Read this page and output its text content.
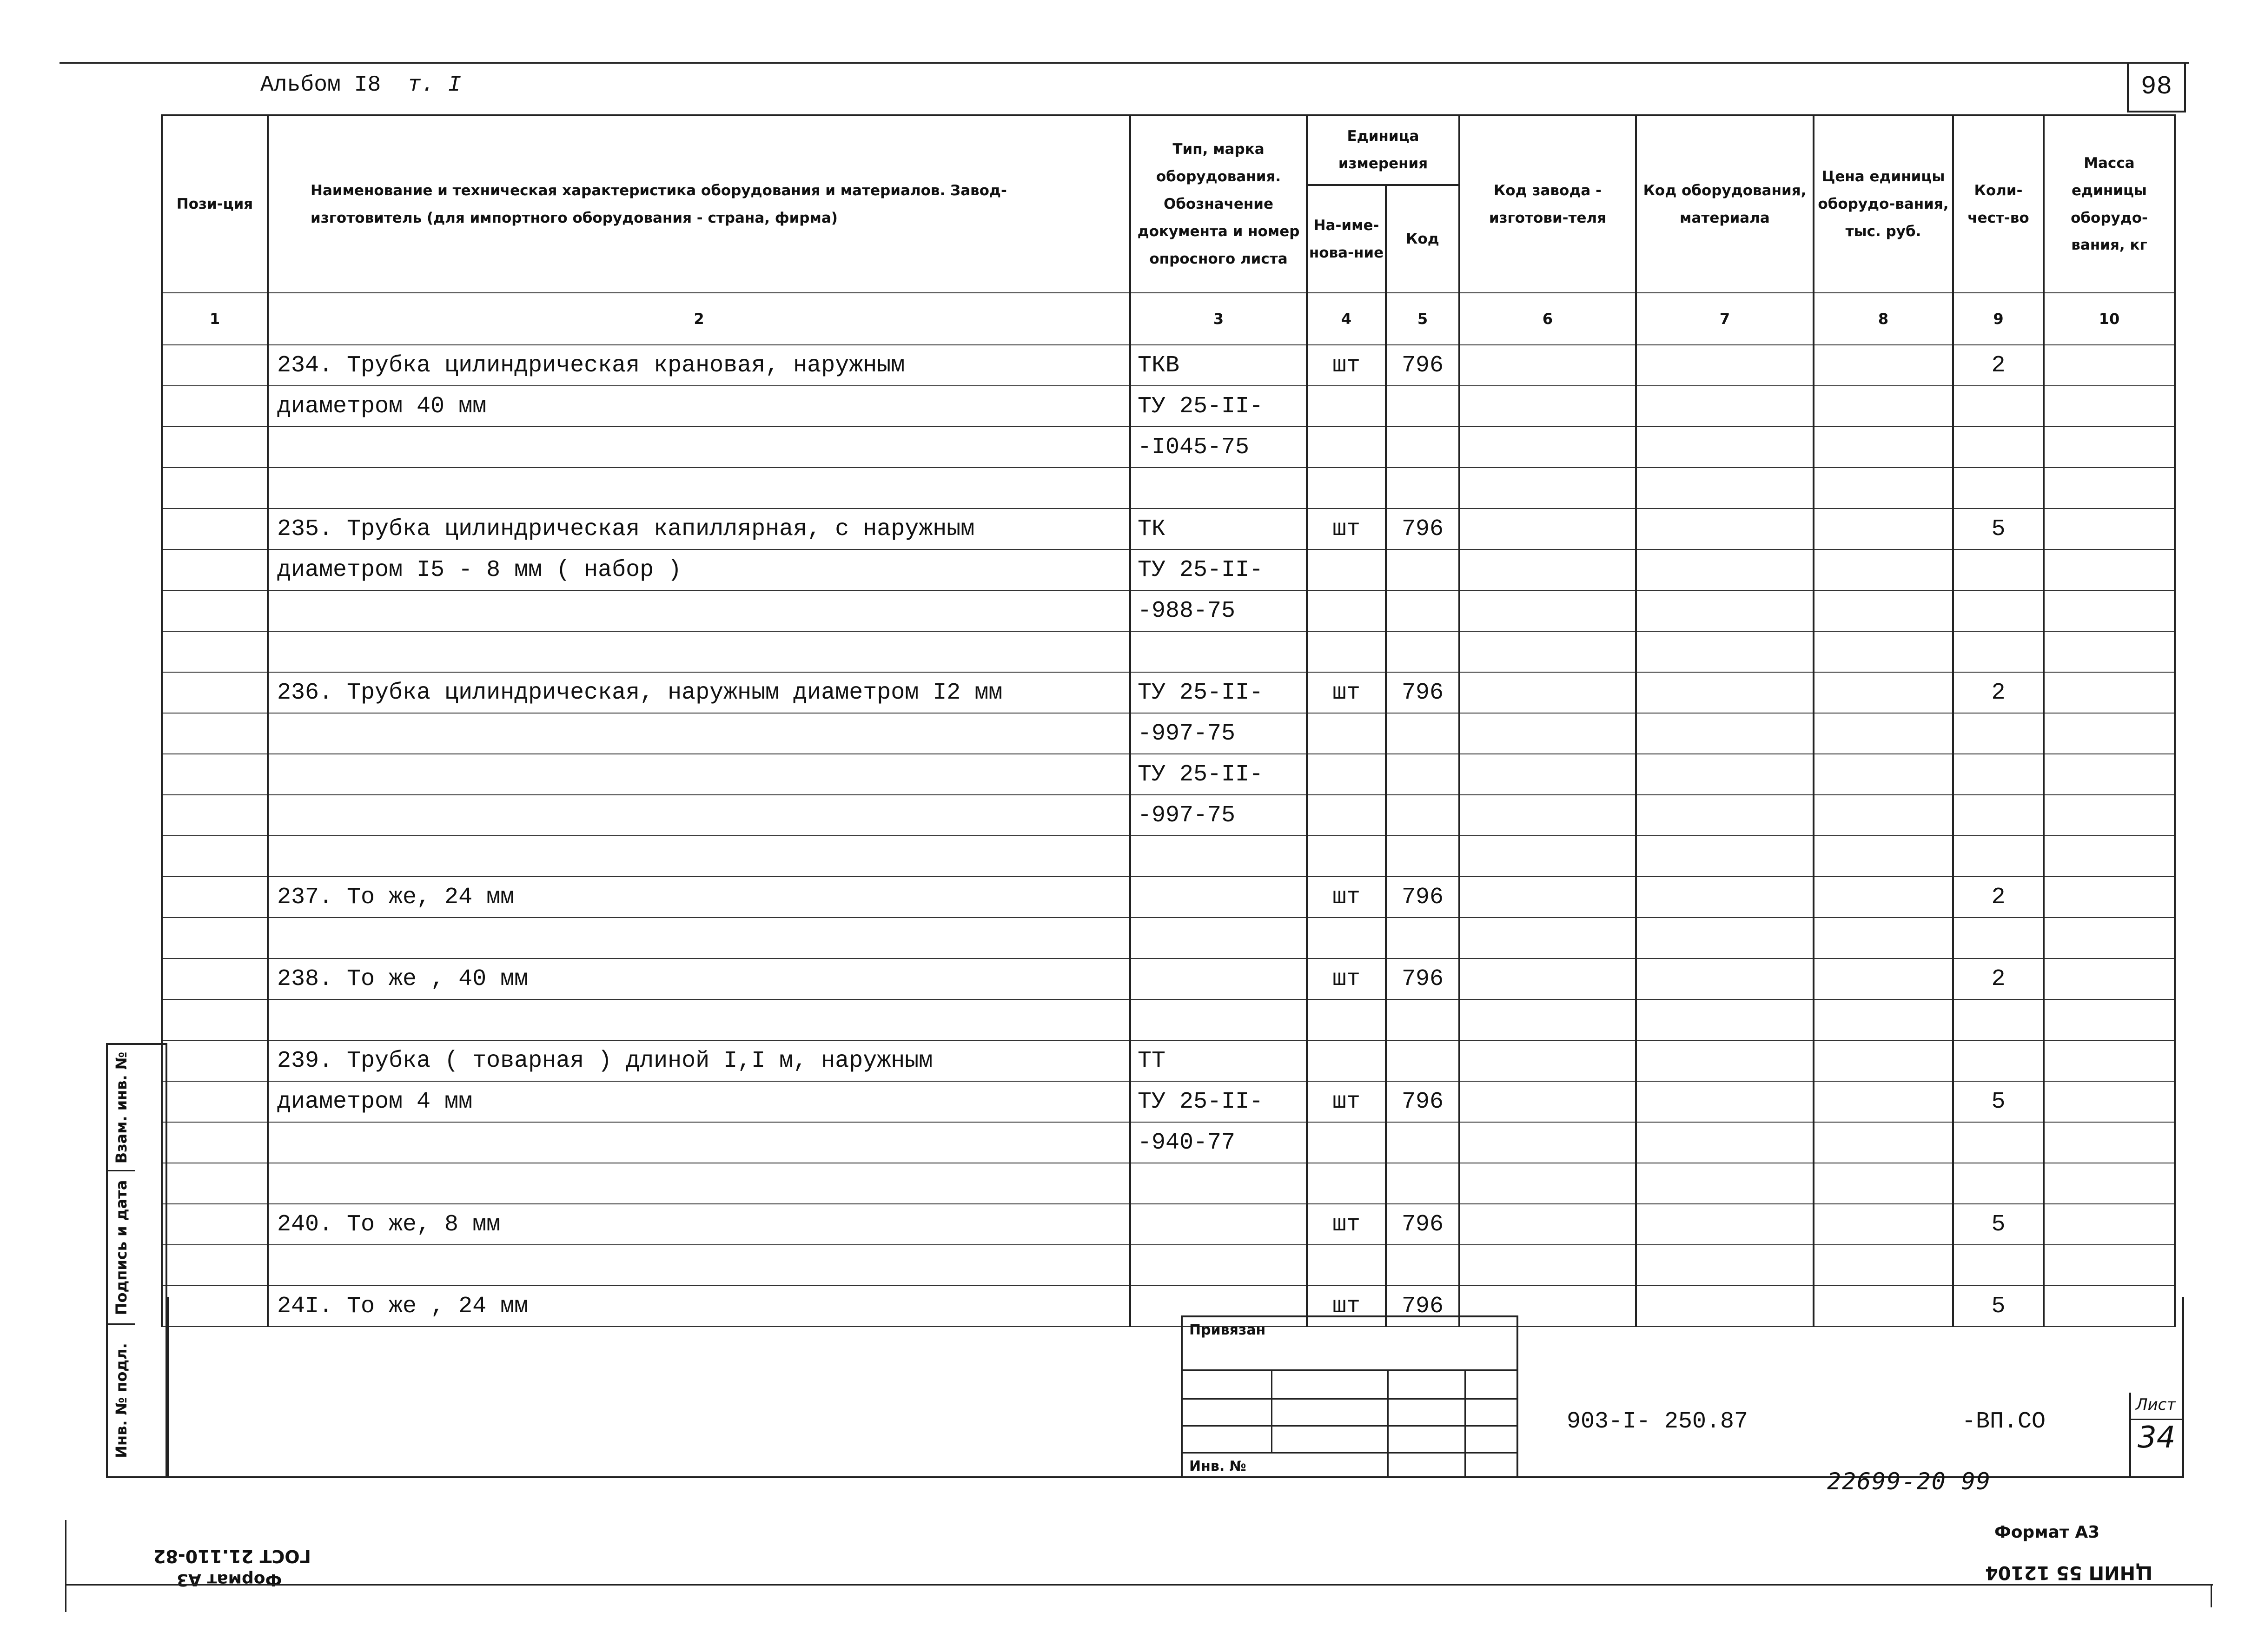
Альбом I8 т. I	98
Пози-ция	Наименование и техническая характеристика оборудования и материалов. Завод-изготовитель (для импортного оборудования - страна, фирма)	Тип, марка оборудования. Обозначение документа и номер опросного листа	Единица измерения		Код завода - изготови-теля	Код оборудования, материала	Цена единицы оборудо-вания, тыс. руб.	Коли-чест-во	Масса единицы оборудо-вания, кг
			На-име-нова-ние	Код					
1	2	3	4	5	6	7	8	9	10
	234. Трубка цилиндрическая крановая, наружным	ТКВ	шт	796				2	
	диаметром 40 мм	ТУ 25-II-							
		-I045-75							

	235. Трубка цилиндрическая капиллярная, с наружным	ТК	шт	796				5	
	диаметром I5 - 8 мм ( набор )	ТУ 25-II-							
		-988-75							

	236. Трубка цилиндрическая, наружным диаметром I2 мм	ТУ 25-II-	шт	796				2	
		-997-75							
		ТУ 25-II-							
		-997-75							

	237. То же, 24 мм		шт	796				2	

	238. То же , 40 мм		шт	796				2	

	239. Трубка ( товарная ) длиной I,I м, наружным	ТТ							
	диаметром 4 мм	ТУ 25-II-	шт	796				5	
		-940-77							

	240. То же, 8 мм		шт	796				5	

	24I. То же , 24 мм		шт	796				5	
Взам. инв. №
Подпись и дата
Инв. № подл.
Привязан
Инв. №
903-I- 250.87	-ВП.СО
Лист
34
22699-20 99
Формат А3
ЦНИП 55 12104
ГОСТ 21.110-82
Формат А3
